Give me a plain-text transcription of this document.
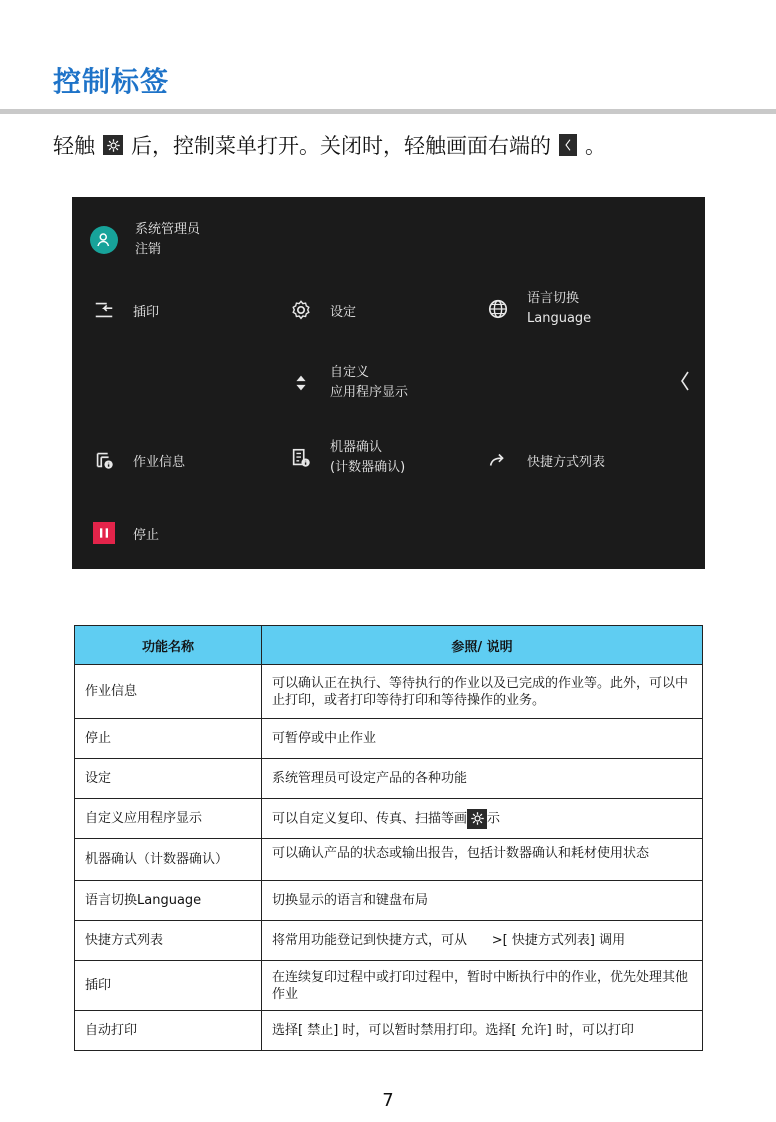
控制标签
轻触 后，控制菜单打开。关闭时，轻触画面右端的 。
系统管理员
注销
插印	设定
语言切换
Language
自定义
应用程序显示
作业信息
机器确认
(计数器确认)	快捷方式列表
停止
功能名称	参照/ 说明
作业信息	可以确认正在执行、等待执行的作业以及已完成的作业等。此外，可以中止打印，或者打印等待打印和等待操作的业务。
停止	可暂停或中止作业
设定	系统管理员可设定产品的各种功能
自定义应用程序显示	可以自定义复印、传真、扫描等画 示
机器确认（计数器确认）	可以确认产品的状态或输出报告，包括计数器确认和耗材使用状态
语言切换Language	切换显示的语言和键盘布局
快捷方式列表	将常用功能登记到快捷方式，可从      >[ 快捷方式列表] 调用
插印	在连续复印过程中或打印过程中，暂时中断执行中的作业，优先处理其他作业
自动打印	选择[ 禁止] 时，可以暂时禁用打印。选择[ 允许] 时，可以打印
7
